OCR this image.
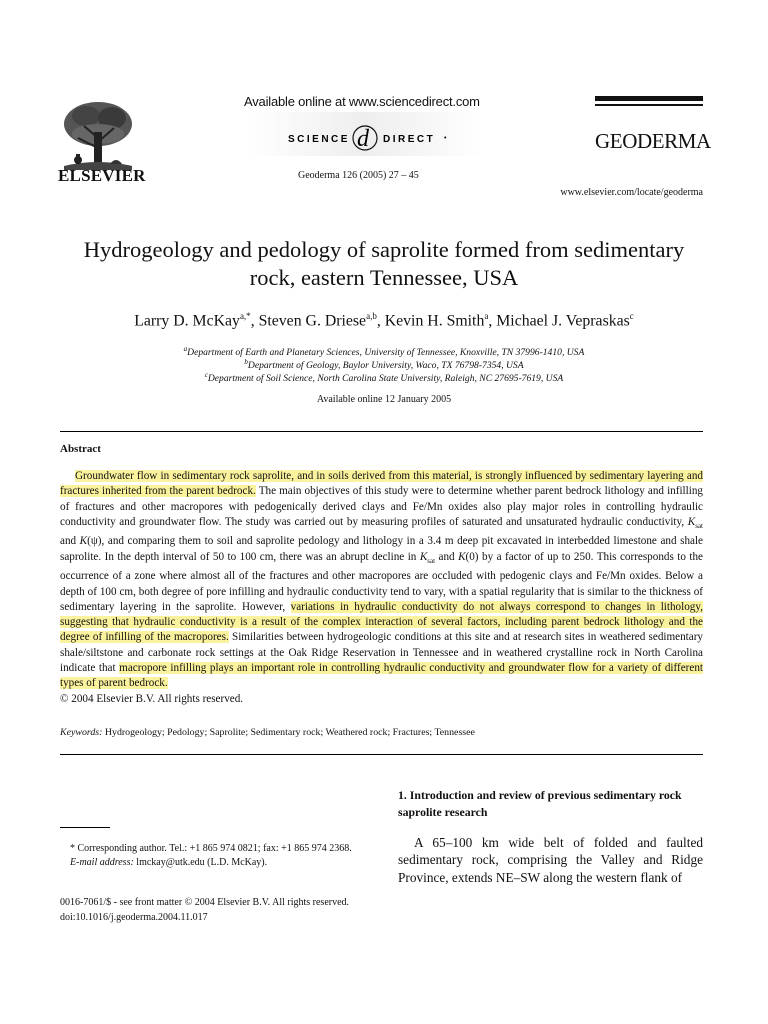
ELSEVIER
Available online at www.sciencedirect.com
SCIENCE d DIRECT •
Geoderma 126 (2005) 27 – 45
GEODERMA
www.elsevier.com/locate/geoderma
Hydrogeology and pedology of saprolite formed from sedimentary
rock, eastern Tennessee, USA
Larry D. McKay$^{a,*}$, Steven G. Driese$^{a,b}$, Kevin H. Smith$^a$, Michael J. Vepraskas$^c$
$^a$Department of Earth and Planetary Sciences, University of Tennessee, Knoxville, TN 37996-1410, USA
$^b$Department of Geology, Baylor University, Waco, TX 76798-7354, USA
$^c$Department of Soil Science, North Carolina State University, Raleigh, NC 27695-7619, USA
Available online 12 January 2005
Abstract

Groundwater flow in sedimentary rock saprolite, and in soils derived from this material, is strongly influenced by sedimentary layering and fractures inherited from the parent bedrock. The main objectives of this study were to determine whether parent bedrock lithology and infilling of fractures and other macropores with pedogenically derived clays and Fe/Mn oxides also play major roles in controlling hydraulic conductivity and groundwater flow. The study was carried out by measuring profiles of saturated and unsaturated hydraulic conductivity, $K_{sat}$ and K(ψ), and comparing them to soil and saprolite pedology and lithology in a 3.4 m deep pit excavated in interbedded limestone and shale saprolite. In the depth interval of 50 to 100 cm, there was an abrupt decline in $K_{sat}$ and K(0) by a factor of up to 250. This corresponds to the occurrence of a zone where almost all of the fractures and other macropores are occluded with pedogenic clays and Fe/Mn oxides. Below a depth of 100 cm, both degree of pore infilling and hydraulic conductivity tend to vary, with a spatial regularity that is similar to the thickness of sedimentary layering in the saprolite. However, variations in hydraulic conductivity do not always correspond to changes in lithology, suggesting that hydraulic conductivity is a result of the complex interaction of several factors, including parent bedrock lithology and the degree of infilling of the macropores. Similarities between hydrogeologic conditions at this site and at research sites in weathered sedimentary shale/siltstone and carbonate rock settings at the Oak Ridge Reservation in Tennessee and in weathered crystalline rock in North Carolina indicate that macropore infilling plays an important role in controlling hydraulic conductivity and groundwater flow for a variety of different types of parent bedrock.

© 2004 Elsevier B.V. All rights reserved.

Keywords: Hydrogeology; Pedology; Saprolite; Sedimentary rock; Weathered rock; Fractures; Tennessee
1. Introduction and review of previous sedimentary rock saprolite research

A 65–100 km wide belt of folded and faulted sedimentary rock, comprising the Valley and Ridge Province, extends NE–SW along the western flank of

* Corresponding author. Tel.: +1 865 974 0821; fax: +1 865 974 2368.

E-mail address: lmckay@utk.edu (L.D. McKay).

0016-7061/$ - see front matter © 2004 Elsevier B.V. All rights reserved.
doi:10.1016/j.geoderma.2004.11.017
